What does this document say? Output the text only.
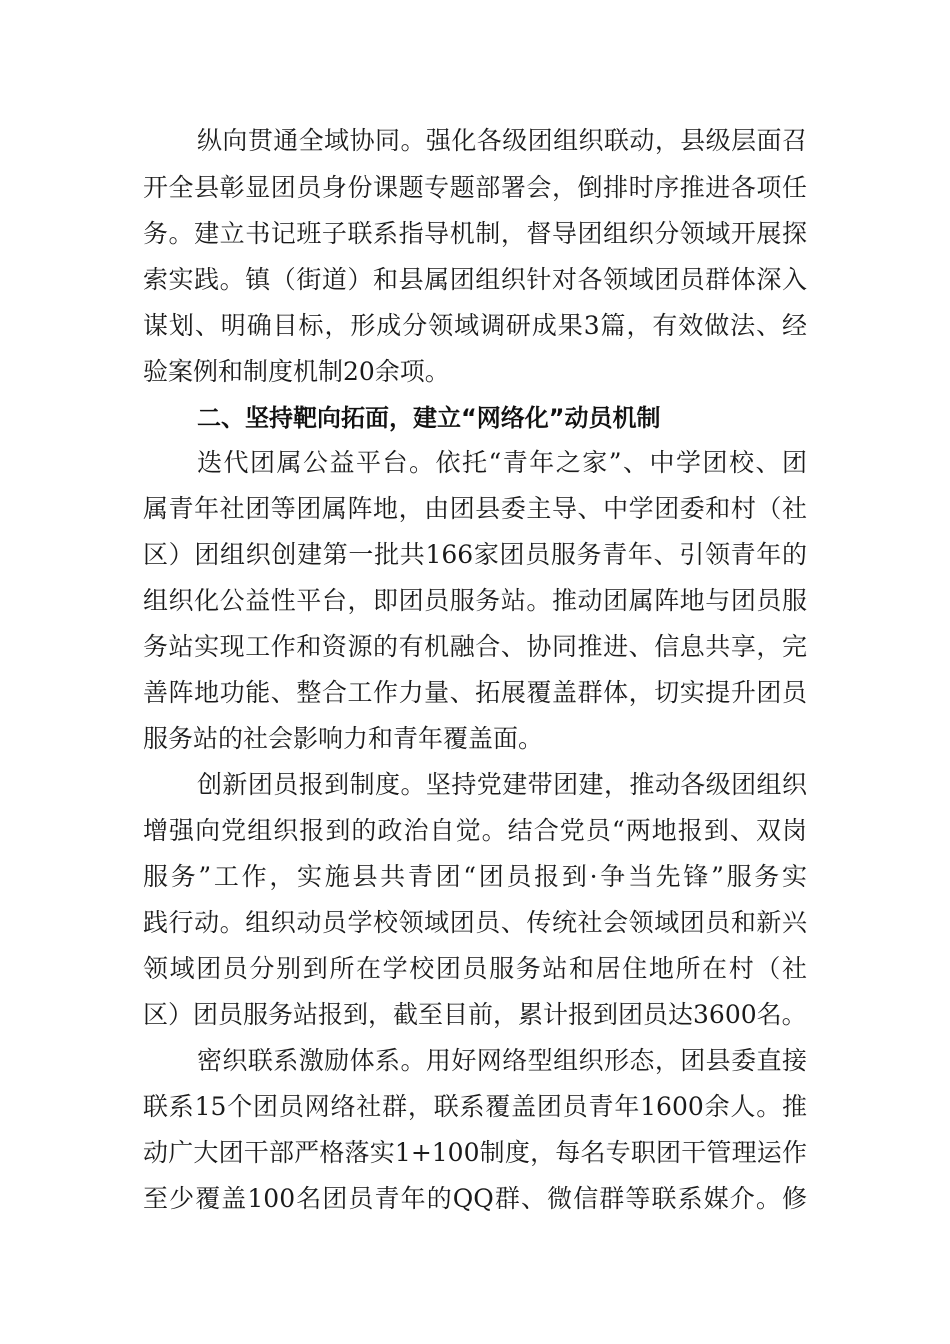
纵向贯通全域协同。强化各级团组织联动，县级层面召

开全县彰显团员身份课题专题部署会，倒排时序推进各项任

务。建立书记班子联系指导机制，督导团组织分领域开展探

索实践。镇（街道）和县属团组织针对各领域团员群体深入

谋划、明确目标，形成分领域调研成果3篇，有效做法、经

验案例和制度机制20余项。

二、坚持靶向拓面，建立“网络化”动员机制

迭代团属公益平台。依托“青年之家”、中学团校、团

属青年社团等团属阵地，由团县委主导、中学团委和村（社

区）团组织创建第一批共166家团员服务青年、引领青年的

组织化公益性平台，即团员服务站。推动团属阵地与团员服

务站实现工作和资源的有机融合、协同推进、信息共享，完

善阵地功能、整合工作力量、拓展覆盖群体，切实提升团员

服务站的社会影响力和青年覆盖面。

创新团员报到制度。坚持党建带团建，推动各级团组织

增强向党组织报到的政治自觉。结合党员“两地报到、双岗

服务”工作，实施县共青团“团员报到·争当先锋”服务实

践行动。组织动员学校领域团员、传统社会领域团员和新兴

领域团员分别到所在学校团员服务站和居住地所在村（社

区）团员服务站报到，截至目前，累计报到团员达3600名。

密织联系激励体系。用好网络型组织形态，团县委直接

联系15个团员网络社群，联系覆盖团员青年1600余人。推

动广大团干部严格落实1+100制度，每名专职团干管理运作

至少覆盖100名团员青年的QQ群、微信群等联系媒介。修
